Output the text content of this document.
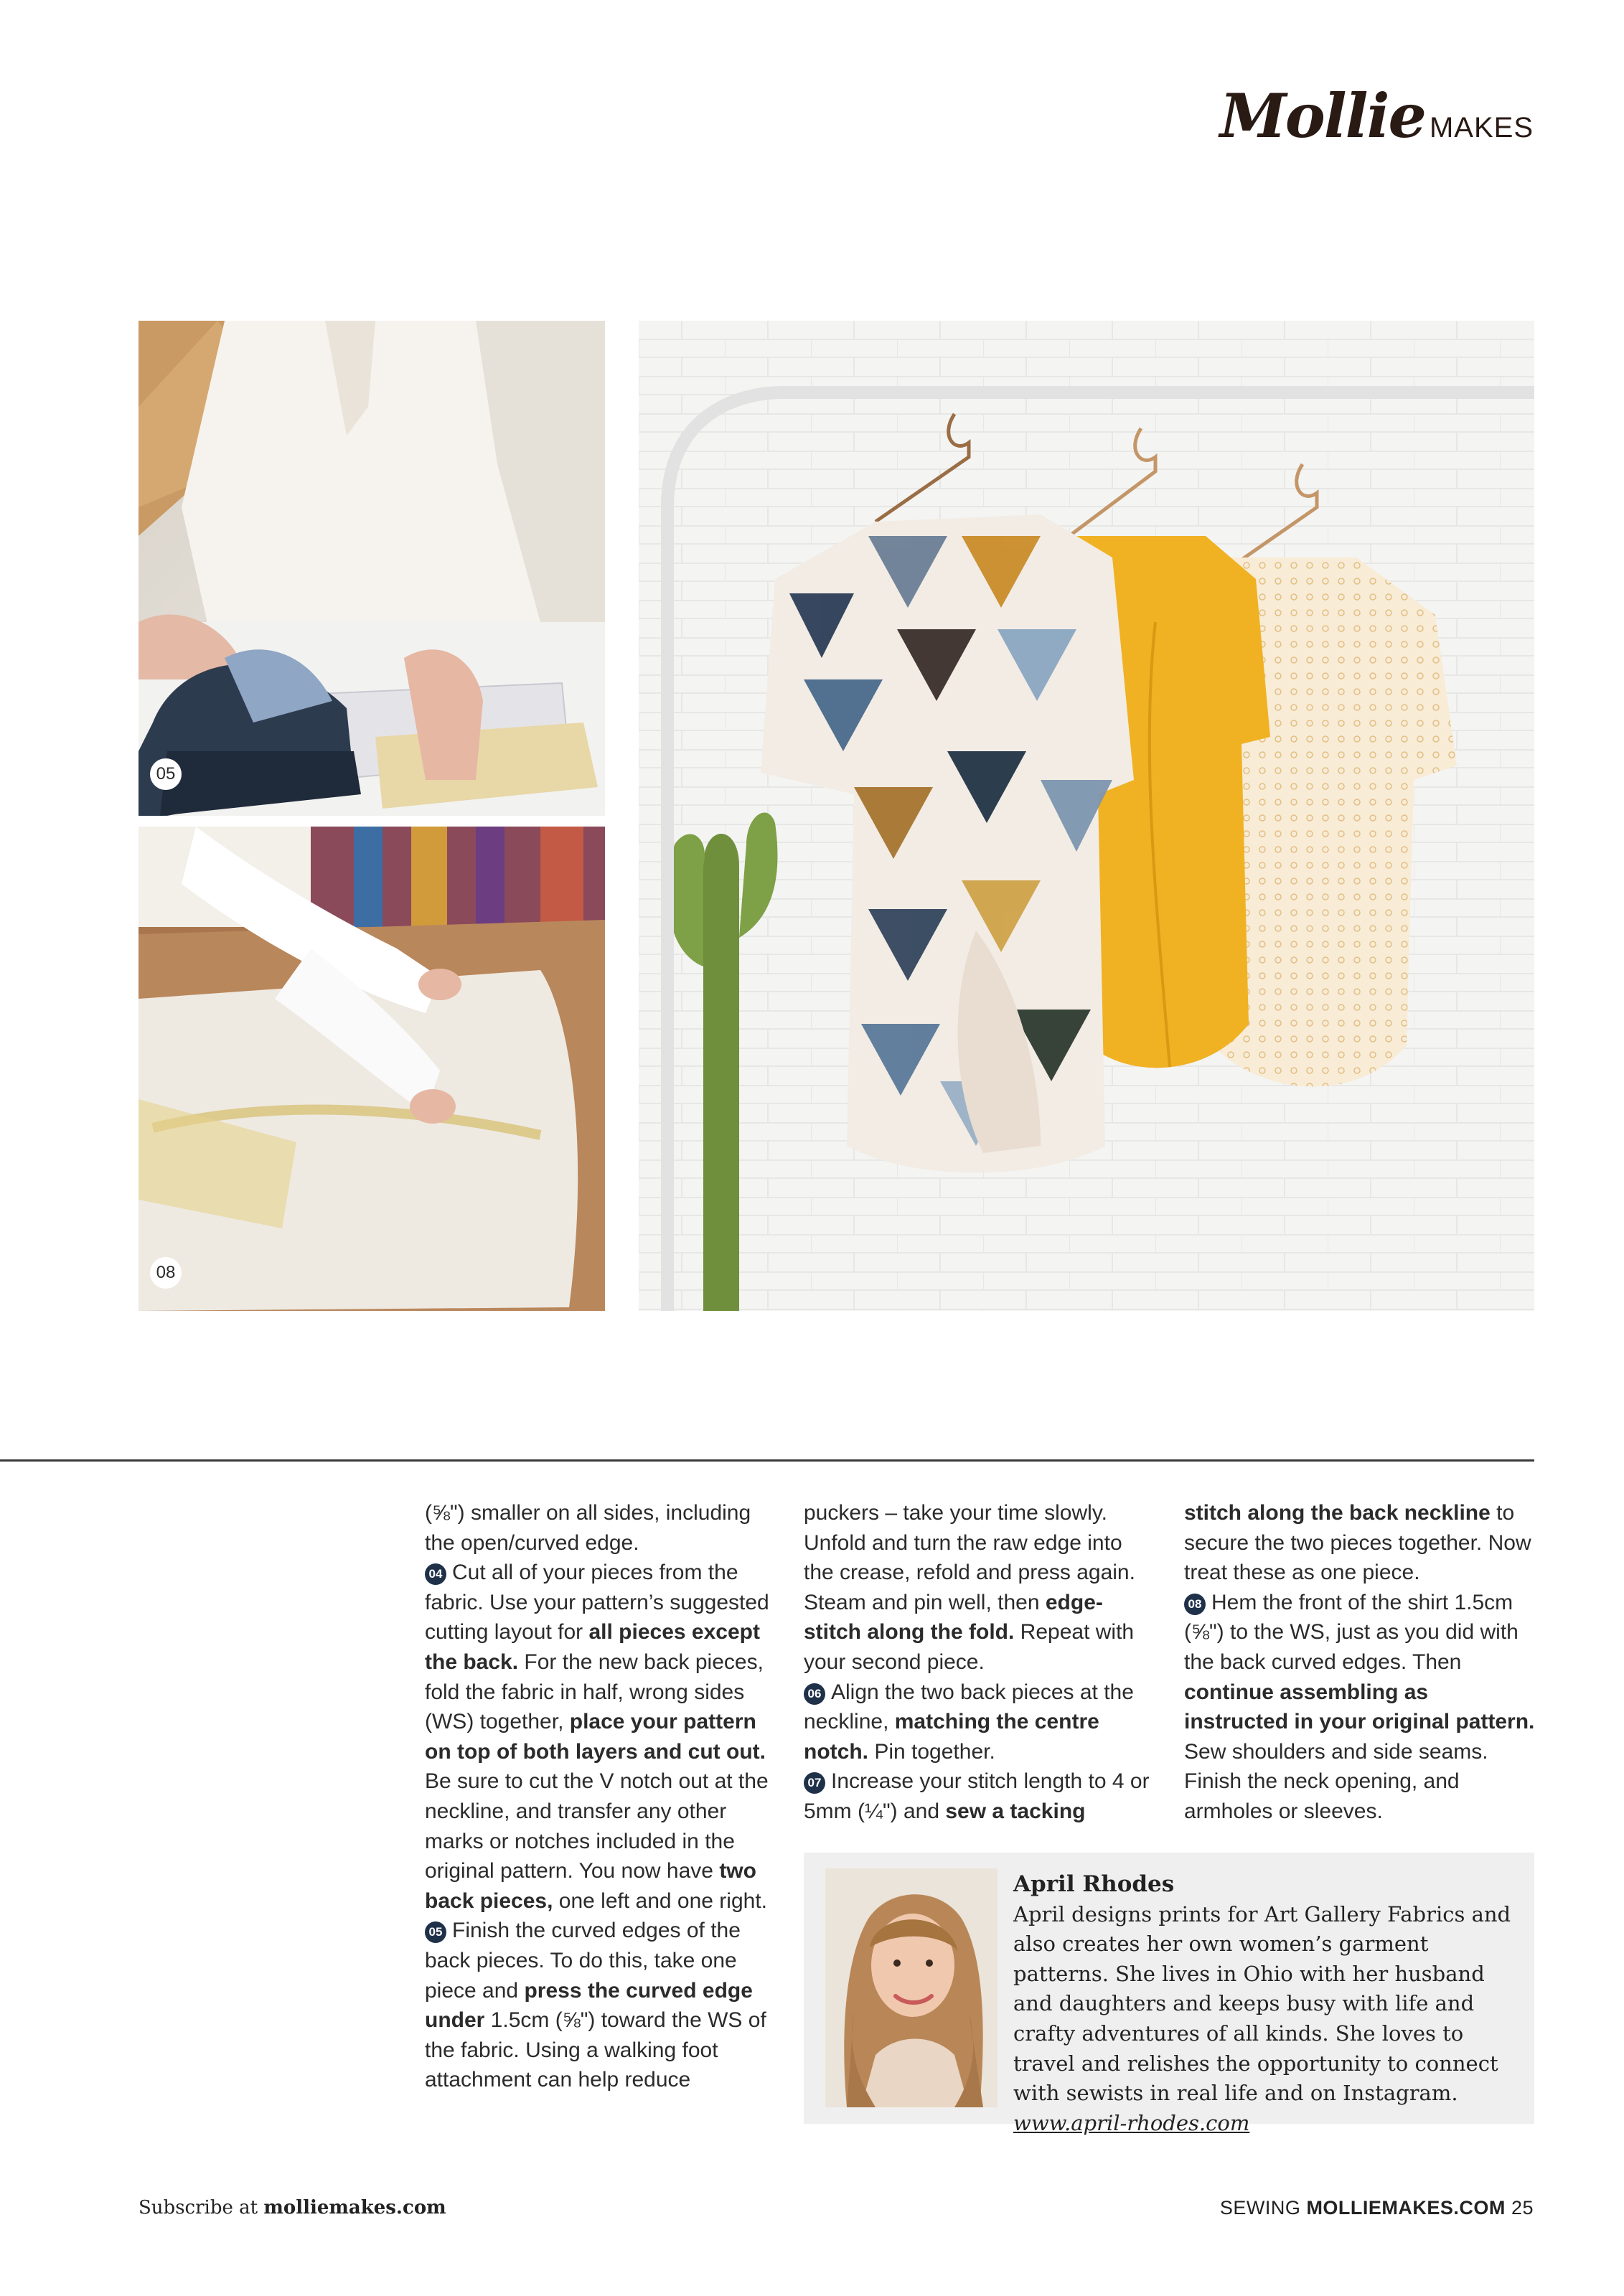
Mollie MAKES
05
08

(⅝") smaller on all sides, including the open/curved edge.

04 Cut all of your pieces from the fabric. Use your pattern’s suggested cutting layout for all pieces except the back. For the new back pieces, fold the fabric in half, wrong sides (WS) together, place your pattern on top of both layers and cut out. Be sure to cut the V notch out at the neckline, and transfer any other marks or notches included in the original pattern. You now have two back pieces, one left and one right.

05 Finish the curved edges of the back pieces. To do this, take one piece and press the curved edge under 1.5cm (⅝") toward the WS of the fabric. Using a walking foot attachment can help reduce

puckers – take your time slowly. Unfold and turn the raw edge into the crease, refold and press again. Steam and pin well, then edge-stitch along the fold. Repeat with your second piece.

06 Align the two back pieces at the neckline, matching the centre notch. Pin together.

07 Increase your stitch length to 4 or 5mm (¼") and sew a tacking

stitch along the back neckline to secure the two pieces together. Now treat these as one piece.

08 Hem the front of the shirt 1.5cm (⅝") to the WS, just as you did with the back curved edges. Then continue assembling as instructed in your original pattern. Sew shoulders and side seams. Finish the neck opening, and armholes or sleeves.

April Rhodes
April designs prints for Art Gallery Fabrics and also creates her own women’s garment patterns. She lives in Ohio with her husband and daughters and keeps busy with life and crafty adventures of all kinds. She loves to travel and relishes the opportunity to connect with sewists in real life and on Instagram. www.april-rhodes.com
Subscribe at molliemakes.com	SEWING MOLLIEMAKES.COM 25
